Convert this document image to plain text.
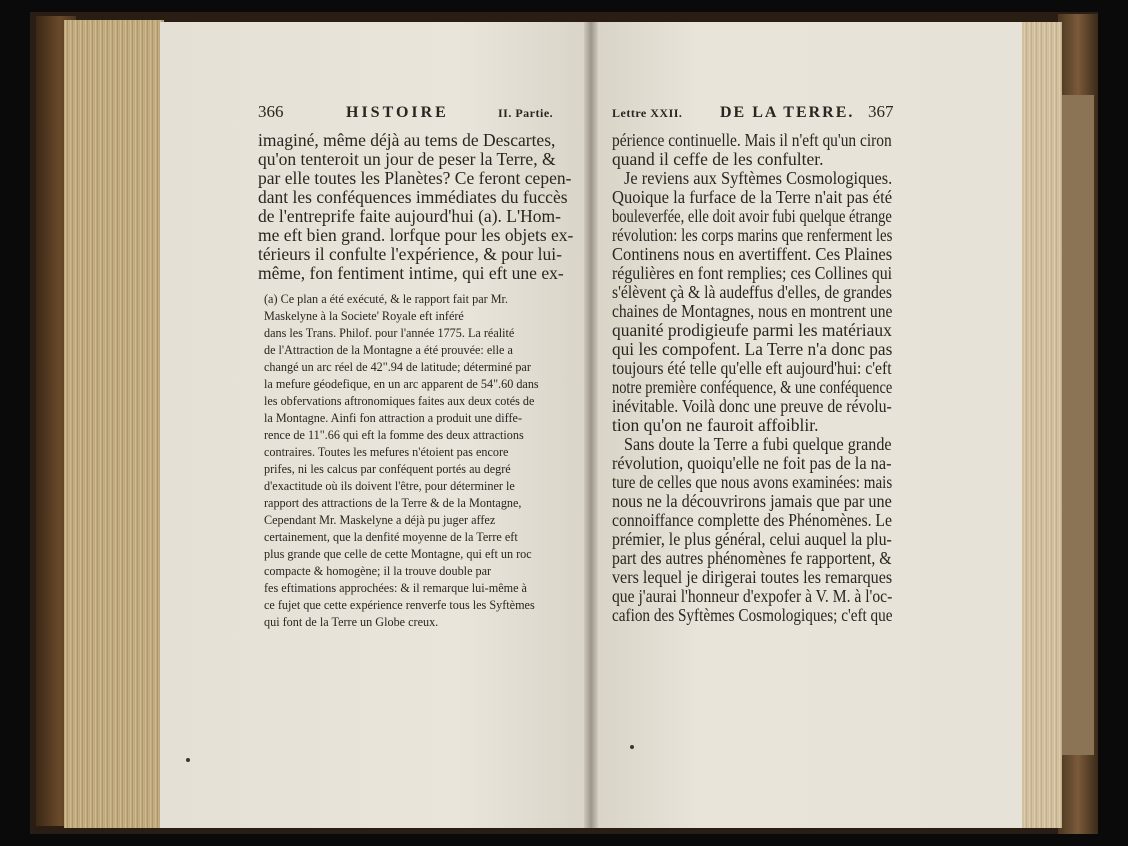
366	HISTOIRE	II. Partie.
imaginé, même déjà au tems de Descartes,
qu'on tenteroit un jour de peser la Terre, &
par elle toutes les Planètes? Ce feront cepen-
dant les conféquences immédiates du fuccès
de l'entreprife faite aujourd'hui (a). L'Hom-
me eft bien grand. lorfque pour les objets ex-
térieurs il confulte l'expérience, & pour lui-
même, fon fentiment intime, qui eft une ex-
(a) Ce plan a été exécuté, & le rapport fait par Mr.
Maskelyne à la Societe' Royale eft inféré
dans les Trans. Philof. pour l'année 1775. La réalité
de l'Attraction de la Montagne a été prouvée: elle a
changé un arc réel de 42".94 de latitude; déterminé par
la mefure géodefique, en un arc apparent de 54".60 dans
les obfervations aftronomiques faites aux deux cotés de
la Montagne. Ainfi fon attraction a produit une diffe-
rence de 11".66 qui eft la fomme des deux attractions
contraires. Toutes les mefures n'étoient pas encore
prifes, ni les calcus par conféquent portés au degré
d'exactitude où ils doivent l'être, pour déterminer le
rapport des attractions de la Terre & de la Montagne,
Cependant Mr. Maskelyne a déjà pu juger affez
certainement, que la denfité moyenne de la Terre eft
plus grande que celle de cette Montagne, qui eft un roc
compacte & homogène; il la trouve double par
fes eftimations approchées: & il remarque lui-même à
ce fujet que cette expérience renverfe tous les Syftèmes
qui font de la Terre un Globe creux.
Lettre XXII. DE LA TERRE. 367
périence continuelle. Mais il n'eft qu'un ciron
quand il ceffe de les confulter.
Je reviens aux Syftèmes Cosmologiques.
Quoique la furface de la Terre n'ait pas été
bouleverfée, elle doit avoir fubi quelque étrange
révolution: les corps marins que renferment les
Continens nous en avertiffent. Ces Plaines
régulières en font remplies; ces Collines qui
s'élèvent çà & là audeffus d'elles, de grandes
chaines de Montagnes, nous en montrent une
quanité prodigieufe parmi les matériaux
qui les compofent. La Terre n'a donc pas
toujours été telle qu'elle eft aujourd'hui: c'eft
notre première conféquence, & une conféquence
inévitable. Voilà donc une preuve de révolu-
tion qu'on ne fauroit affoiblir.
Sans doute la Terre a fubi quelque grande
révolution, quoiqu'elle ne foit pas de la na-
ture de celles que nous avons examinées: mais
nous ne la découvrirons jamais que par une
connoiffance complette des Phénomènes. Le
prémier, le plus général, celui auquel la plu-
part des autres phénomènes fe rapportent, &
vers lequel je dirigerai toutes les remarques
que j'aurai l'honneur d'expofer à V. M. à l'oc-
cafion des Syftèmes Cosmologiques; c'eft que
